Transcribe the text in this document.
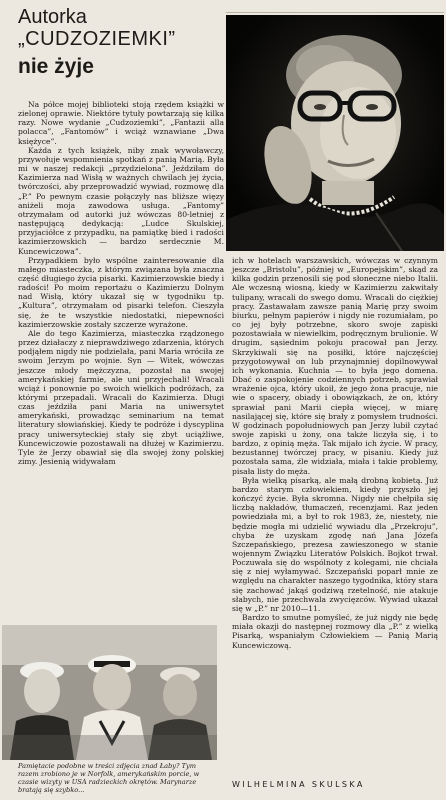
Autorka
„CUDZOZIEMKI”
nie żyje

Na półce mojej biblioteki stoją rzędem książki w zielonej oprawie. Niektóre tytuły powtarzają się kilka razy. Nowe wydanie „Cudzoziemki”, „Fantazii alla polacca”, „Fantomów” i wciąż wznawiane „Dwa księżyce”.

Każda z tych książek, niby znak wywoławczy, przywołuje wspomnienia spotkań z panią Marią. Była mi w naszej redakcji „przydzielona”. Jeździłam do Kazimierza nad Wisłą w ważnych chwilach jej życia, twórczości, aby przeprowadzić wywiad, rozmowę dla „P.” Po pewnym czasie połączyły nas bliższe więzy aniżeli moja zawodowa usługa. „Fantomy” otrzymałam od autorki już wówczas 80-letniej z następującą dedykacją: „Ludce Skulskiej, przyjaciółce z przypadku, na pamiątkę bied i radości kazimierzowskich — bardzo serdecznie M. Kuncewiczowa”.

Przypadkiem było wspólne zainteresowanie dla małego miasteczka, z którym związana była znaczna część długiego życia pisarki. Kazimierzowskie biedy i radości! Po moim reportażu o Kazimierzu Dolnym nad Wisłą, który ukazał się w tygodniku tp. „Kultura”, otrzymałam od pisarki telefon. Cieszyła się, że te wszystkie niedostatki, niepewności kazimierzowskie zostały szczerze wyrażone.

Ale do tego Kazimierza, miasteczka rządzonego przez działaczy z nieprawdziwego zdarzenia, których podjąłem nigdy nie podzielała, pani Maria wróciła ze swoim Jerzym po wojnie. Syn — Witek, wówczas jeszcze młody mężczyzna, pozostał na swojej amerykańskiej farmie, ale uni przyjechali! Wracali wciąż i ponownie po swoich wielkich podróżach, za którymi przepadali. Wracali do Kazimierza. Długi czas jeździła pani Maria na uniwersytet amerykański, prowadząc seminarium na temat literatury słowiańskiej. Kiedy te podróże i dyscyplina pracy uniwersyteckiej stały się zbyt uciążliwe, Kuncewiczowie pozostawali na dłużej w Kazimierzu. Tyle że Jerzy obawiał się dla swojej żony polskiej zimy. Jesienią widywałam

ich w hotelach warszawskich, wówczas w czynnym jeszcze „Bristolu”, później w „Europejskim”, skąd za kilka godzin przenosili się pod słoneczne niebo Italii. Ale wczesną wiosną, kiedy w Kazimierzu zakwitały tulipany, wracali do swego domu. Wracali do ciężkiej pracy. Zastawałam zawsze panią Marię przy swoim biurku, pełnym papierów i nigdy nie rozumiałam, po co jej były potrzebne, skoro swoje zapiski pozostawiała w niewielkim, podręcznym brulionie. W drugim, sąsiednim pokoju pracował pan Jerzy. Skrzykiwali się na posiłki, które najczęściej przygotowywał on lub przynajmniej dopilnowywał ich wykonania. Kuchnia — to była jego domena. Dbać o zaspokojenie codziennych potrzeb, sprawiał wrażenie ojca, który ukoił, że jego żona pracuje, nie wie o spacery, obiady i obowiązkach, że on, który sprawiał pani Marii ciepła więcej, w miarę nasilającej się, które się brały z pomysłem trudności. W godzinach popołudniowych pan Jerzy lubił czytać swoje zapiski u żony, ona także liczyła się, i to bardzo, z opinią męża. Tak mijało ich życie. W pracy, bezustannej twórczej pracy, w pisaniu. Kiedy już pozostała sama, źle widziała, miała i takie problemy, pisała listy do męża.

Była wielką pisarką, ale małą drobną kobietą. Już bardzo starym człowiekiem, kiedy przyszło jej kończyć życie. Była skromna. Nigdy nie chełpiła się liczbą nakładów, tłumaczeń, recenzjami. Raz jeden powiedziała mi, a był to rok 1983, że, niestety, nie będzie mogła mi udzielić wywiadu dla „Przekroju”, chyba że uzyskam zgodę nań Jana Józefa Szczepańskiego, prezesa zawieszonego w stanie wojennym Związku Literatów Polskich. Bojkot trwał. Poczuwała się do wspólnoty z kolegami, nie chciała się z niej wyłamywać. Szczepański poparł mnie ze względu na charakter naszego tygodnika, który stara się zachować jakąś godziwą rzetelność, nie atakuje słabych, nie przechwala zwycięzców. Wywiad ukazał się w „P.” nr 2010—11.

Bardzo to smutne pomyśleć, że już nigdy nie będę miała okazji do następnej rozmowy dla „P.” z wielką Pisarką, wspaniałym Człowiekiem — Panią Marią Kuncewiczową.

Pamiętacie podobne w treści zdjęcia znad Łaby? Tym razem zrobiono je w Norfolk, amerykańskim porcie, w czasie wizyty w USA radzieckich okrętów. Marynarze bratają się szybko...
WILHELMINA SKULSKA
